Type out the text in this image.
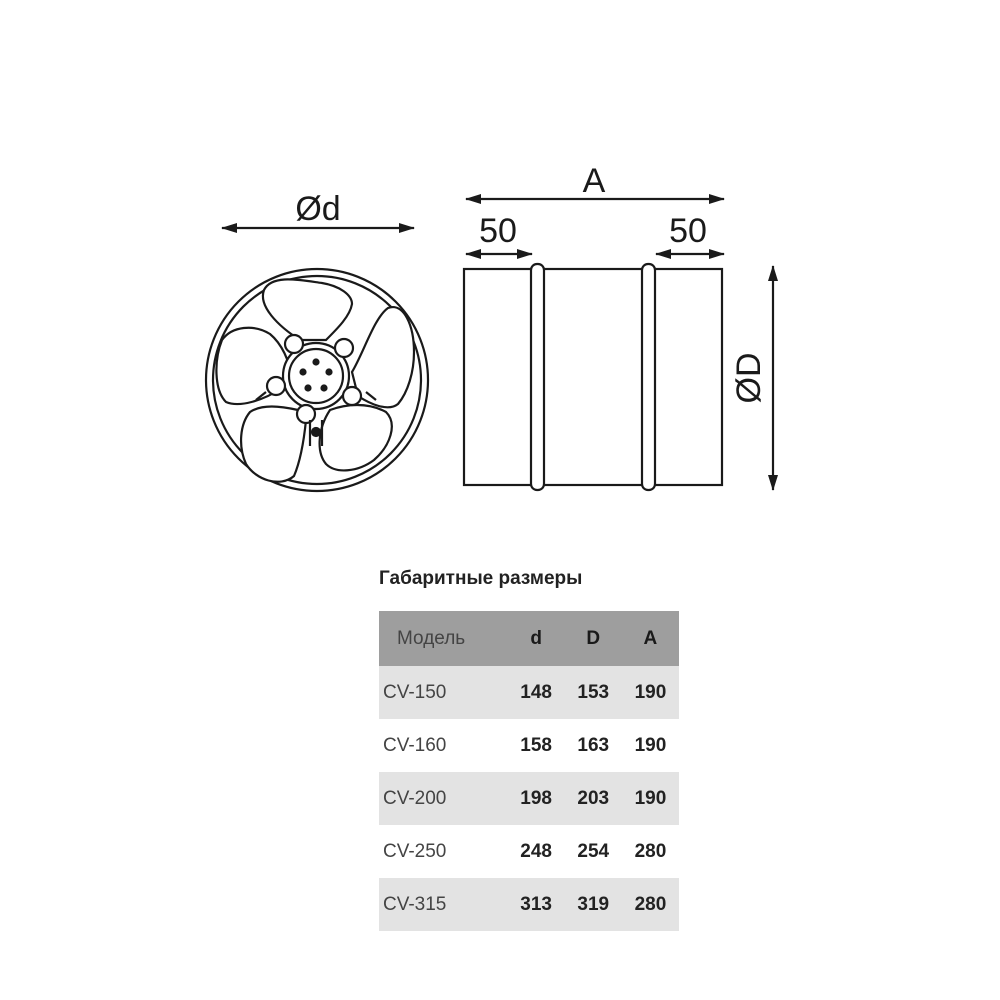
Ød
A
50	50
ØD
Габаритные размеры
Модель	d	D	A
CV-150	148	153	190
CV-160	158	163	190
CV-200	198	203	190
CV-250	248	254	280
CV-315	313	319	280
